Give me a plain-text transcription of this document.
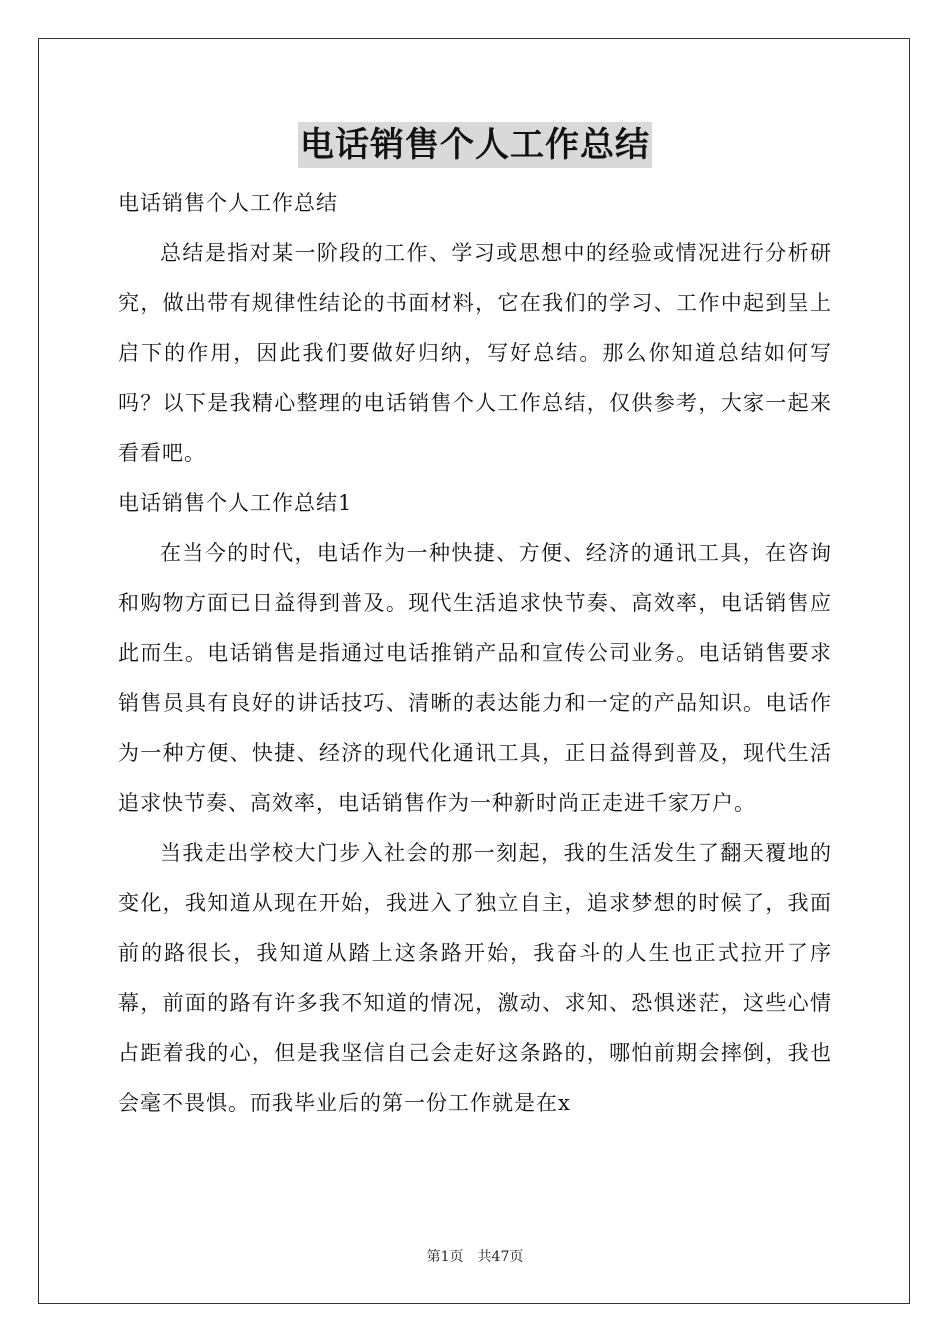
电话销售个人工作总结
电话销售个人工作总结

总结是指对某一阶段的工作、学习或思想中的经验或情况进行分析研究，做出带有规律性结论的书面材料，它在我们的学习、工作中起到呈上启下的作用，因此我们要做好归纳，写好总结。那么你知道总结如何写吗？以下是我精心整理的电话销售个人工作总结，仅供参考，大家一起来看看吧。

电话销售个人工作总结1

在当今的时代，电话作为一种快捷、方便、经济的通讯工具，在咨询和购物方面已日益得到普及。现代生活追求快节奏、高效率，电话销售应此而生。电话销售是指通过电话推销产品和宣传公司业务。电话销售要求销售员具有良好的讲话技巧、清晰的表达能力和一定的产品知识。电话作为一种方便、快捷、经济的现代化通讯工具，正日益得到普及，现代生活追求快节奏、高效率，电话销售作为一种新时尚正走进千家万户。

当我走出学校大门步入社会的那一刻起，我的生活发生了翻天覆地的变化，我知道从现在开始，我进入了独立自主，追求梦想的时候了，我面前的路很长，我知道从踏上这条路开始，我奋斗的人生也正式拉开了序幕，前面的路有许多我不知道的情况，激动、求知、恐惧迷茫，这些心情占距着我的心，但是我坚信自己会走好这条路的，哪怕前期会摔倒，我也会毫不畏惧。而我毕业后的第一份工作就是在x

第1页 共47页
